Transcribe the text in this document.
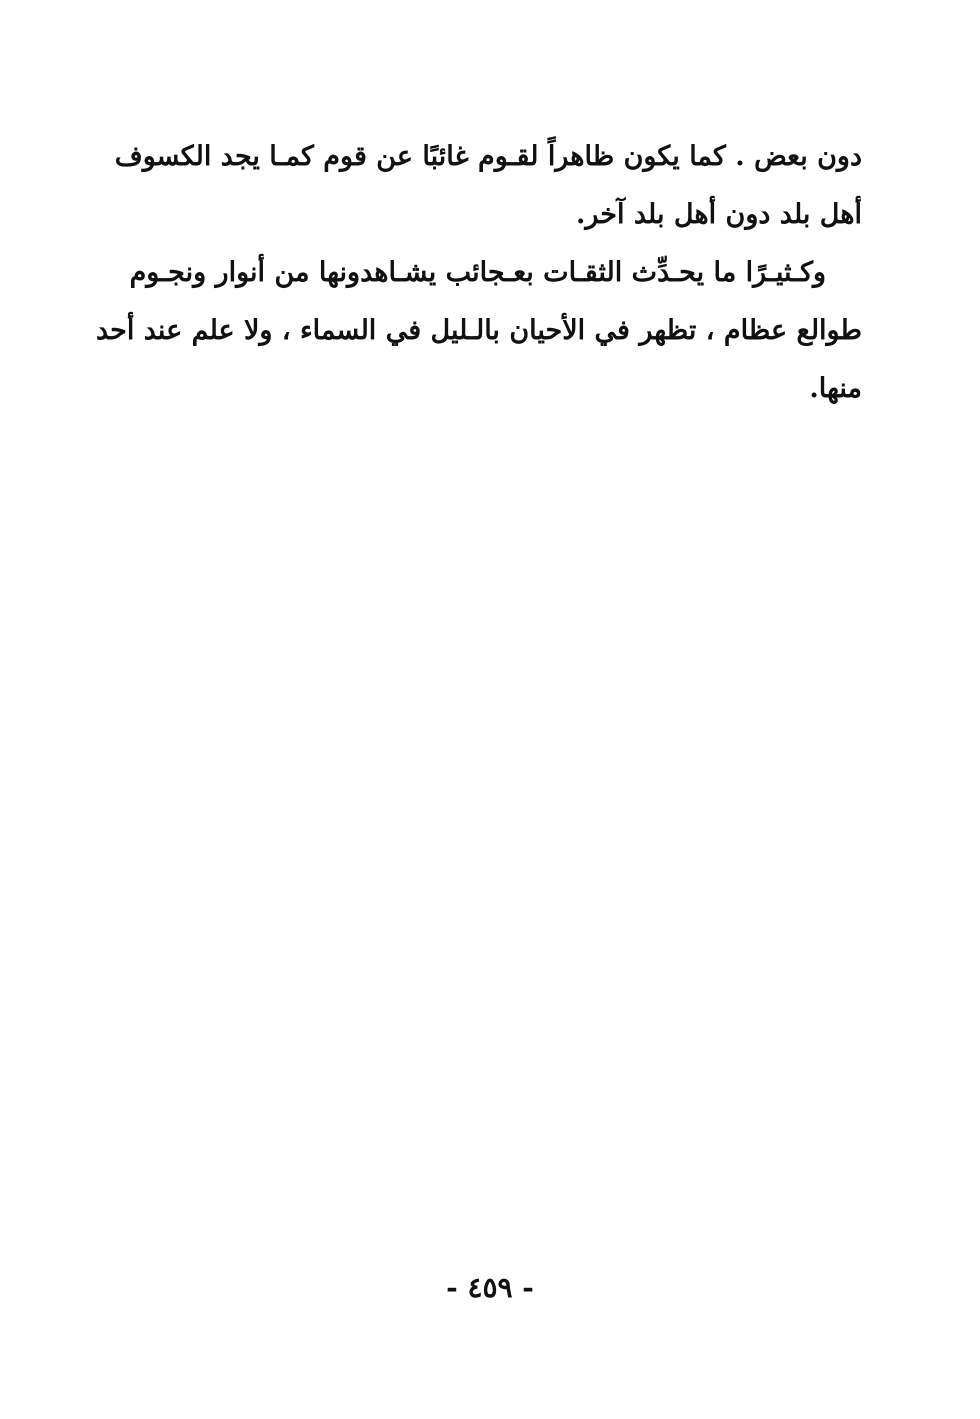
دون بعض . كما يكون ظاهراً لقـوم غائبًا عن قوم كمـا يجد الكسوف
أهل بلد دون أهل بلد آخر.
وكـثيـرًا ما يحـدِّث الثقـات بعـجائب يشـاهدونها من أنوار ونجـوم
طوالع عظام ، تظهر في الأحيان بالـليل في السماء ، ولا علم عند أحد
منها.
- ٤٥٩ -
